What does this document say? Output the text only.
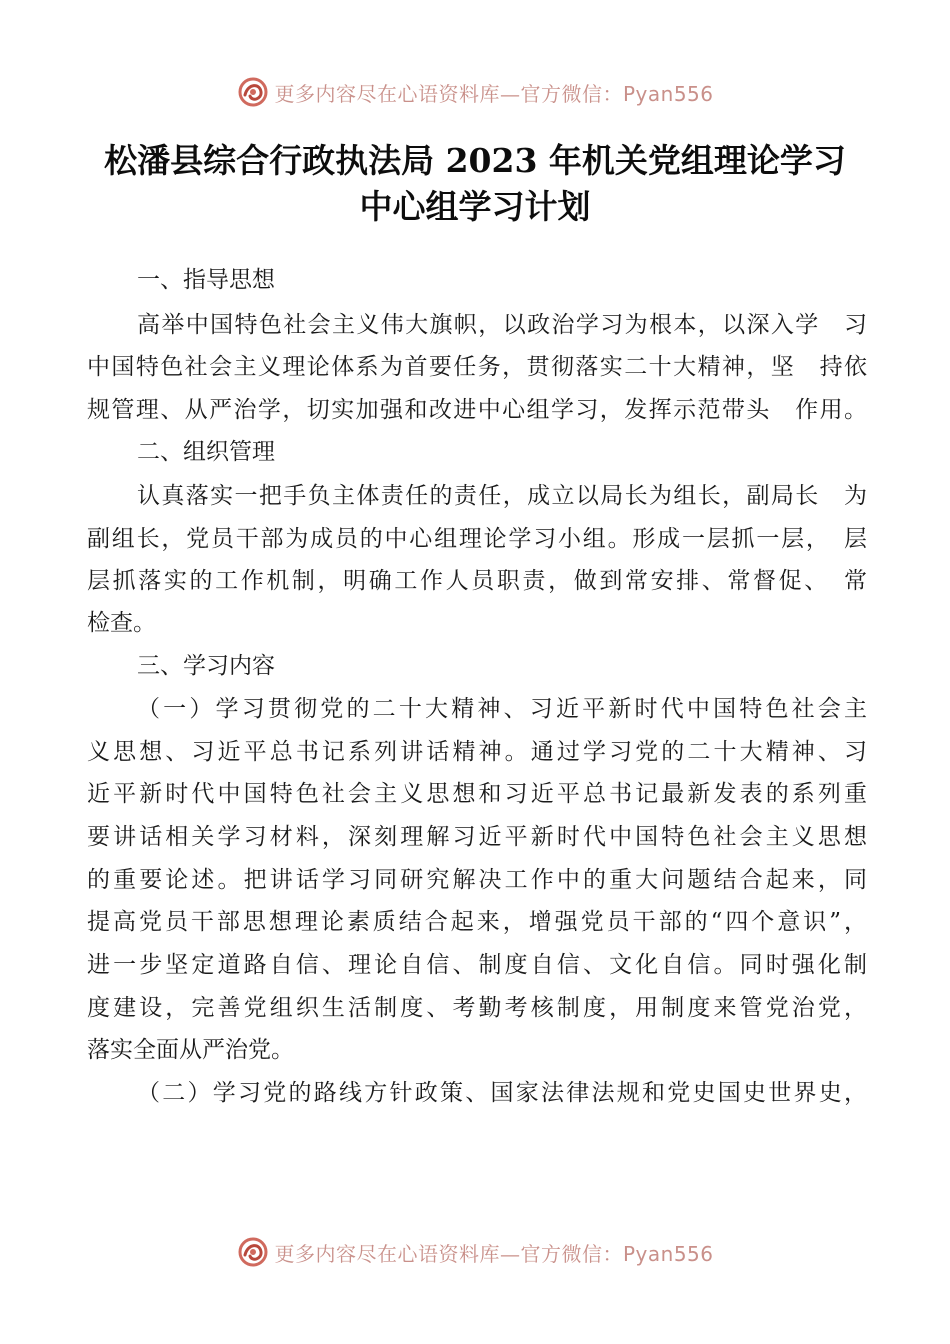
更多内容尽在心语资料库—官方微信：Pyan556
松潘县综合行政执法局 2023 年机关党组理论学习
中心组学习计划
一、指导思想
高举中国特色社会主义伟大旗帜，以政治学习为根本，以深入学　习
中国特色社会主义理论体系为首要任务，贯彻落实二十大精神，坚　持依
规管理、从严治学，切实加强和改进中心组学习，发挥示范带头　作用。
二、组织管理
认真落实一把手负主体责任的责任，成立以局长为组长，副局长　为
副组长，党员干部为成员的中心组理论学习小组。形成一层抓一层，　层
层抓落实的工作机制，明确工作人员职责，做到常安排、常督促、　常
检查。
三、学习内容
（一）学习贯彻党的二十大精神、习近平新时代中国特色社会主
义思想、习近平总书记系列讲话精神。通过学习党的二十大精神、习
近平新时代中国特色社会主义思想和习近平总书记最新发表的系列重
要讲话相关学习材料，深刻理解习近平新时代中国特色社会主义思想
的重要论述。把讲话学习同研究解决工作中的重大问题结合起来，同
提高党员干部思想理论素质结合起来，增强党员干部的“四个意识”，
进一步坚定道路自信、理论自信、制度自信、文化自信。同时强化制
度建设，完善党组织生活制度、考勤考核制度，用制度来管党治党，
落实全面从严治党。
（二）学习党的路线方针政策、国家法律法规和党史国史世界史，
更多内容尽在心语资料库—官方微信：Pyan556
